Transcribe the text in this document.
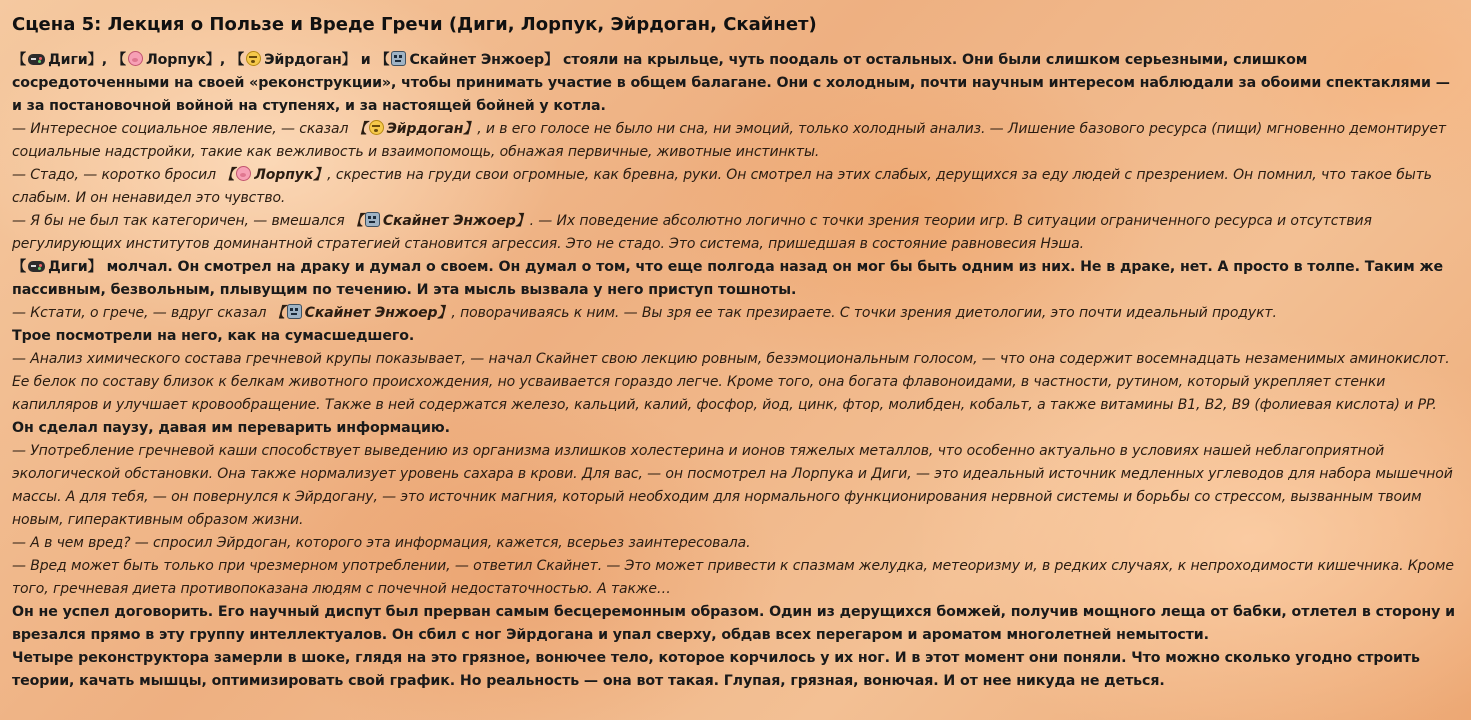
Сцена 5: Лекция о Пользе и Вреде Гречи (Диги, Лорпук, Эйрдоган, Скайнет)

【 Диги】, 【 Лорпук】, 【 Эйрдоган】 и 【 Скайнет Энжоер】 стояли на крыльце, чуть поодаль от остальных. Они были слишком серьезными, слишком сосредоточенными на своей «реконструкции», чтобы принимать участие в общем балагане. Они с холодным, почти научным интересом наблюдали за обоими спектаклями — и за постановочной войной на ступенях, и за настоящей бойней у котла.

— Интересное социальное явление, — сказал 【 Эйрдоган】, и в его голосе не было ни сна, ни эмоций, только холодный анализ. — Лишение базового ресурса (пищи) мгновенно демонтирует социальные надстройки, такие как вежливость и взаимопомощь, обнажая первичные, животные инстинкты.

— Стадо, — коротко бросил 【 Лорпук】, скрестив на груди свои огромные, как бревна, руки. Он смотрел на этих слабых, дерущихся за еду людей с презрением. Он помнил, что такое быть слабым. И он ненавидел это чувство.

— Я бы не был так категоричен, — вмешался 【 Скайнет Энжоер】. — Их поведение абсолютно логично с точки зрения теории игр. В ситуации ограниченного ресурса и отсутствия регулирующих институтов доминантной стратегией становится агрессия. Это не стадо. Это система, пришедшая в состояние равновесия Нэша.

【 Диги】 молчал. Он смотрел на драку и думал о своем. Он думал о том, что еще полгода назад он мог бы быть одним из них. Не в драке, нет. А просто в толпе. Таким же пассивным, безвольным, плывущим по течению. И эта мысль вызвала у него приступ тошноты.

— Кстати, о грече, — вдруг сказал 【 Скайнет Энжоер】, поворачиваясь к ним. — Вы зря ее так презираете. С точки зрения диетологии, это почти идеальный продукт.

Трое посмотрели на него, как на сумасшедшего.

— Анализ химического состава гречневой крупы показывает, — начал Скайнет свою лекцию ровным, безэмоциональным голосом, — что она содержит восемнадцать незаменимых аминокислот. Ее белок по составу близок к белкам животного происхождения, но усваивается гораздо легче. Кроме того, она богата флавоноидами, в частности, рутином, который укрепляет стенки капилляров и улучшает кровообращение. Также в ней содержатся железо, кальций, калий, фосфор, йод, цинк, фтор, молибден, кобальт, а также витамины B1, B2, B9 (фолиевая кислота) и PP.

Он сделал паузу, давая им переварить информацию.

— Употребление гречневой каши способствует выведению из организма излишков холестерина и ионов тяжелых металлов, что особенно актуально в условиях нашей неблагоприятной экологической обстановки. Она также нормализует уровень сахара в крови. Для вас, — он посмотрел на Лорпука и Диги, — это идеальный источник медленных углеводов для набора мышечной массы. А для тебя, — он повернулся к Эйрдогану, — это источник магния, который необходим для нормального функционирования нервной системы и борьбы со стрессом, вызванным твоим новым, гиперактивным образом жизни.

— А в чем вред? — спросил Эйрдоган, которого эта информация, кажется, всерьез заинтересовала.

— Вред может быть только при чрезмерном употреблении, — ответил Скайнет. — Это может привести к спазмам желудка, метеоризму и, в редких случаях, к непроходимости кишечника. Кроме того, гречневая диета противопоказана людям с почечной недостаточностью. А также…

Он не успел договорить. Его научный диспут был прерван самым бесцеремонным образом. Один из дерущихся бомжей, получив мощного леща от бабки, отлетел в сторону и врезался прямо в эту группу интеллектуалов. Он сбил с ног Эйрдогана и упал сверху, обдав всех перегаром и ароматом многолетней немытости.

Четыре реконструктора замерли в шоке, глядя на это грязное, вонючее тело, которое корчилось у их ног. И в этот момент они поняли. Что можно сколько угодно строить теории, качать мышцы, оптимизировать свой график. Но реальность — она вот такая. Глупая, грязная, вонючая. И от нее никуда не деться.
